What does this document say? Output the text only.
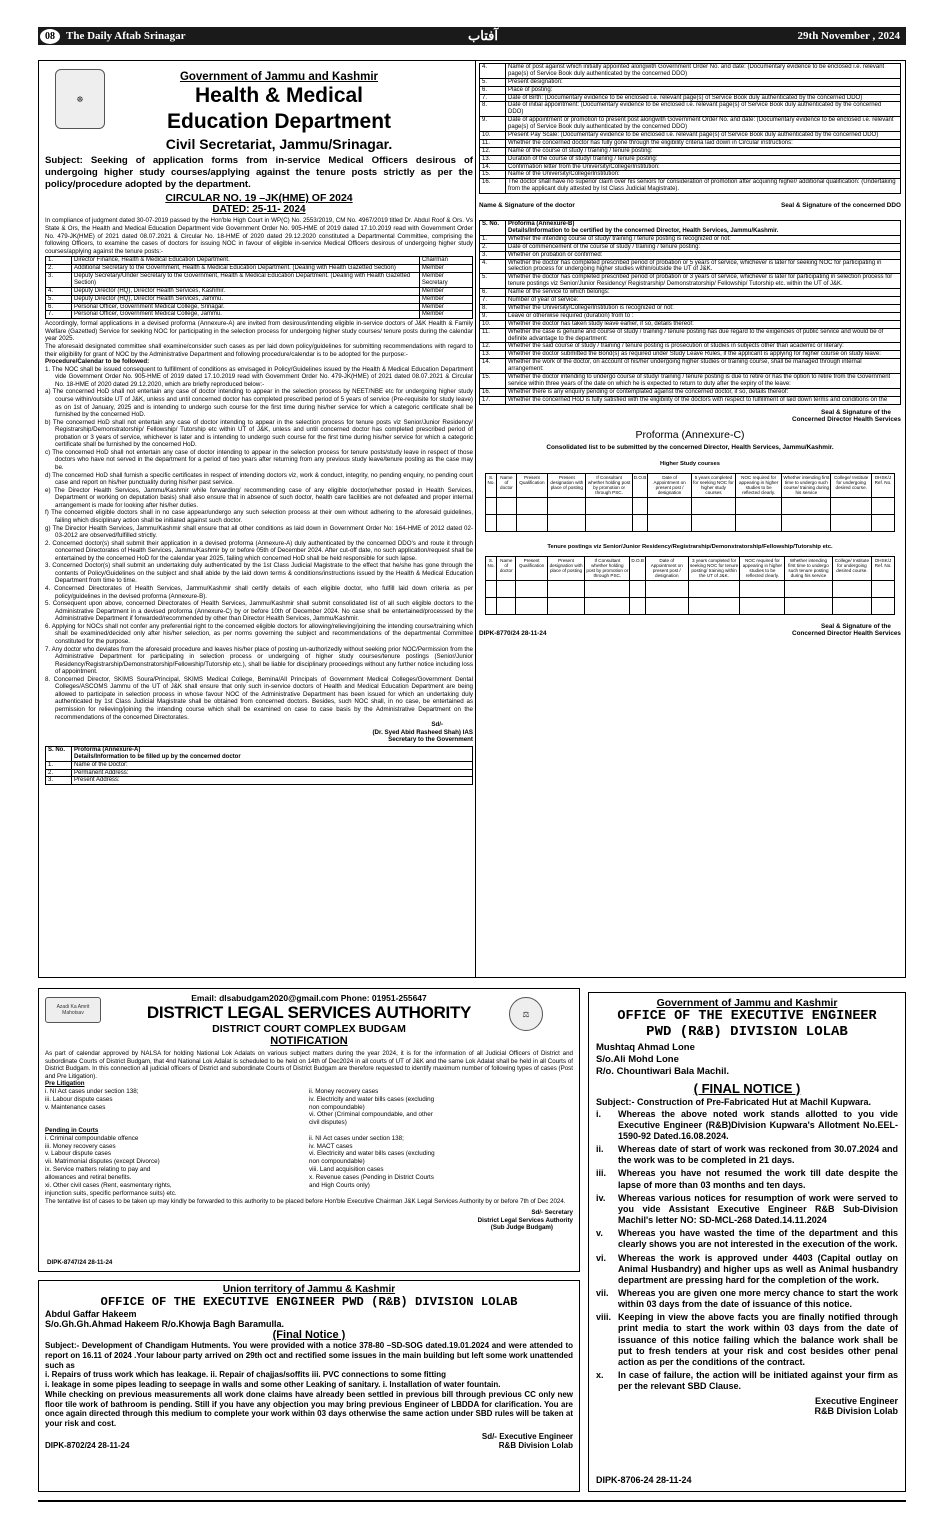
08	The Daily Aftab Srinagar	آفتاب	29th November , 2024
☸
Government of Jammu and Kashmir
Health & Medical
Education Department
Civil Secretariat, Jammu/Srinagar.
Subject: Seeking of application forms from in-service Medical Officers desirous of undergoing higher study courses/applying against the tenure posts strictly as per the policy/procedure adopted by the department.
CIRCULAR NO. 19 –JK(HME) OF 2024
DATED: 25-11- 2024
In compliance of judgment dated 30-07-2019 passed by the Hon'ble High Court in WP(C) No. 2553/2019, CM No. 4967/2019 titled Dr. Abdul Roof & Ors. Vs State & Ors, the Health and Medical Education Department vide Government Order No. 905-HME of 2019 dated 17.10.2019 read with Government Order No. 479-JK(HME) of 2021 dated 08.07.2021 & Circular No. 18-HME of 2020 dated 29.12.2020 constituted a Departmental Committee, comprising the following Officers, to examine the cases of doctors for issuing NOC in favour of eligible in-service Medical Officers desirous of undergoing higher study courses/applying against the tenure posts:-
1.	Director Finance, Health & Medical Education Department.	Chairman
2.	Additional Secretary to the Government, Health & Medical Education Department. (Dealing with Health Gazetted Section)	Member
3.	Deputy Secretary/Under Secretary to the Government, Health & Medical Education Department. (Dealing with Health Gazetted Section)	Member Secretary
4.	Deputy Director (HQ), Director Health Services, Kashmir.	Member
5.	Deputy Director (HQ), Director Health Services, Jammu.	Member
6.	Personal Officer, Government Medical College, Srinagar.	Member
7.	Personal Officer, Government Medical College, Jammu.	Member
Accordingly, formal applications in a devised proforma (Annexure-A) are invited from desirous/intending eligible in-service doctors of J&K Health & Family Welfare (Gazetted) Service for seeking NOC for participating in the selection process for undergoing higher study courses/ tenure posts during the calendar year 2025.
The aforesaid designated committee shall examine/consider such cases as per laid down policy/guidelines for submitting recommendations with regard to their eligibility for grant of NOC by the Administrative Department and following procedure/calendar is to be adopted for the purpose:-
Procedure/Calendar to be followed:
1. The NOC shall be issued consequent to fulfillment of conditions as envisaged in Policy/Guidelines issued by the Health & Medical Education Department vide Government Order No. 905-HME of 2019 dated 17.10.2019 read with Government Order No. 479-JK(HME) of 2021 dated 08.07.2021 & Circular No. 18-HME of 2020 dated 29.12.2020, which are briefly reproduced below:-
a) The concerned HoD shall not entertain any case of doctor intending to appear in the selection process by NEET/NBE etc for undergoing higher study course within/outside UT of J&K, unless and until concerned doctor has completed prescribed period of 5 years of service (Pre-requisite for study leave) as on 1st of January, 2025 and is intending to undergo such course for the first time during his/her service for which a categoric certificate shall be furnished by the concerned HoD.
b) The concerned HoD shall not entertain any case of doctor intending to appear in the selection process for tenure posts viz Senior/Junior Residency/ Registrarship/Demonstratorship/ Fellowship/ Tutorship etc within UT of J&K, unless and until concerned doctor has completed prescribed period of probation or 3 years of service, whichever is later and is intending to undergo such course for the first time during his/her service for which a categoric certificate shall be furnished by the concerned HoD.
c) The concerned HoD shall not entertain any case of doctor intending to appear in the selection process for tenure posts/study leave in respect of those doctors who have not served in the department for a period of two years after returning from any previous study leave/tenure posting as the case may be.
d) The concerned HoD shall furnish a specific certificates in respect of intending doctors viz, work & conduct, integrity, no pending enquiry, no pending court case and report on his/her punctuality during his/her past service.
e) The Director Health Services, Jammu/Kashmir while forwarding/ recommending case of any eligible doctor(whether posted in Health Services, Department or working on deputation basis) shall also ensure that in absence of such doctor, health care facilities are not defeated and proper internal arrangement is made for looking after his/her duties.
f) The concerned eligible doctors shall in no case appear/undergo any such selection process at their own without adhering to the aforesaid guidelines, failing which disciplinary action shall be initiated against such doctor.
g) The Director Health Services, Jammu/Kashmir shall ensure that all other conditions as laid down in Government Order No: 164-HME of 2012 dated 02-03-2012 are observed/fulfilled strictly.
2. Concerned doctor(s) shall submit their application in a devised proforma (Annexure-A) duly authenticated by the concerned DDO's and route it through concerned Directorates of Health Services, Jammu/Kashmir by or before 05th of December 2024. After cut-off date, no such application/request shall be entertained by the concerned HoD for the calendar year 2025, failing which concerned HoD shall be held responsible for such lapse.
3. Concerned Doctor(s) shall submit an undertaking duly authenticated by the 1st Class Judicial Magistrate to the effect that he/she has gone through the contents of Policy/Guidelines on the subject and shall abide by the laid down terms & conditions/instructions issued by the Health & Medical Education Department from time to time.
4. Concerned Directorates of Health Services, Jammu/Kashmir shall certify details of each eligible doctor, who fulfill laid down criteria as per policy/guidelines in the devised proforma (Annexure-B).
5. Consequent upon above, concerned Directorates of Health Services, Jammu/Kashmir shall submit consolidated list of all such eligible doctors to the Administrative Department in a devised proforma (Annexure-C) by or before 10th of December 2024. No case shall be entertained/processed by the Administrative Department if forwarded/recommended by other than Director Health Services, Jammu/Kashmir.
6. Applying for NOCs shall not confer any preferential right to the concerned eligible doctors for allowing/relieving/joining the intending course/training which shall be examined/decided only after his/her selection, as per norms governing the subject and recommendations of the departmental Committee constituted for the purpose.
7. Any doctor who deviates from the aforesaid procedure and leaves his/her place of posting un-authorizedly without seeking prior NOC/Permission from the Administrative Department for participating in selection process or undergoing of higher study courses/tenure postings (Senior/Junior Residency/Registrarship/Demonstratorship/Fellowship/Tutorship etc.), shall be liable for disciplinary proceedings without any further notice including loss of appointment.
8. Concerned Director, SKIMS Soura/Principal, SKIMS Medical College, Bemina/All Principals of Government Medical Colleges/Government Dental Colleges/ASCOMS Jammu of the UT of J&K shall ensure that only such in-service doctors of Health and Medical Education Department are being allowed to participate in selection process in whose favour NOC of the Administrative Department has been issued for which an undertaking duly authenticated by 1st Class Judicial Magistrate shall be obtained from concerned doctors. Besides, such NOC shall, in no case, be entertained as permission for relieving/joining the intending course which shall be examined on case to case basis by the Administrative Department on the recommendations of the concerned Directorates.
Sd/-
(Dr. Syed Abid Rasheed Shah) IAS
Secretary to the Government
S. No.	Proforma (Annexure-A)
Details/Information to be filled up by the concerned doctor
1.	Name of the Doctor:
2.	Permanent Address:
3.	Present Address:
4.	Name of post against which initially appointed alongwith Government Order No. and date: (Documentary evidence to be enclosed i.e. relevant page(s) of Service Book duly authenticated by the concerned DDO)
5.	Present designation:
6.	Place of posting:
7.	Date of Birth: (Documentary evidence to be enclosed i.e. relevant page(s) of Service Book duly authenticated by the concerned DDO)
8.	Date of initial appointment: (Documentary evidence to be enclosed i.e. relevant page(s) of Service Book duly authenticated by the concerned DDO)
9.	Date of appointment or promotion to present post alongwith Government Order No. and date: (Documentary evidence to be enclosed i.e. relevant page(s) of Service Book duly authenticated by the concerned DDO)
10.	Present Pay Scale: (Documentary evidence to be enclosed i.e. relevant page(s) of Service Book duly authenticated by the concerned DDO)
11.	Whether the concerned doctor has fully gone through the eligibility criteria laid down in Circular instructions:
12.	Name of the course of study / training / tenure posting:
13.	Duration of the course of study/ training / tenure posting:
14.	Confirmation letter from the University/College/Institution:
15.	Name of the University/College/Institution:
16.	The doctor shall have no superior claim over his seniors for consideration of promotion after acquiring higher/ additional qualification: (Undertaking from the applicant duly attested by Ist Class Judicial Magistrate).
Name & Signature of the doctor	Seal & Signature of the concerned DDO
S. No.	Proforma (Annexure-B)
Details/Information to be certified by the concerned Director, Health Services, Jammu/Kashmir.
1.	Whether the intending course of study/ training / tenure posting is recognized or not:
2.	Date of commencement of the course of study / training / tenure posting:
3.	Whether on probation or confirmed:
4.	Whether the doctor has completed prescribed period of probation or 5 years of service, whichever is later for seeking NOC for participating in selection process for undergoing higher studies within/outside the UT of J&K.
5.	Whether the doctor has completed prescribed period of probation or 3 years of service, whichever is later for participating in selection process for tenure postings viz Senior/Junior Residency/ Registrarship/ Demonstratorship/ Fellowship/ Tutorship etc. within the UT of J&K.
6.	Name of the service to which belongs:
7.	Number of year of service:
8.	Whether the University/College/Institution is recognized or not:
9.	Leave or otherwise required (duration) from to :
10.	Whether the doctor has taken study leave earlier, if so, details thereof:
11.	Whether the case is genuine and course of study / training / tenure posting has due regard to the exigencies of public service and would be of definite advantage to the department:
12.	Whether the said course of study / training / tenure posting is prosecution of studies in subjects other than academic or literary:
13.	Whether the doctor submitted the Bond(s) as required under Study Leave Rules, if the applicant is applying for higher course on study leave:
14.	Whether the work of the doctor, on account of his/her undergoing higher studies or training course, shall be managed through internal arrangement:
15.	Whether the doctor intending to undergo course of study/ training / tenure posting is due to retire or has the option to retire from the Government service within three years of the date on which he is expected to return to duty after the expiry of the leave:
16.	Whether there is any enquiry pending or contemplated against the concerned doctor, if so, details thereof:
17.	Whether the concerned HoD is fully satisfied with the eligibility of the doctors with respect to fulfillment of laid down terms and conditions on the
Seal & Signature of the
Concerned Director Health Services
Proforma (Annexure-C)
Consolidated list to be submitted by the concerned Director, Health Services, Jammu/Kashmir.
Higher Study courses
S. No.	Name of doctor	Present Qualification	Present designation with place of posting	If Consultant whether holding post by promotion or through PSC.	D.O.B	Date of Appointment on present post / designation	5 years completed for seeking NOC for higher study courses	NOC required for appearing in higher studies to be reflected clearly.	Whether intending first time to undergo such course/ training during his service	College/ Institute for undergoing desired course.	DHSK/J Ref. No.

Tenure postings viz Senior/Junior Residency/Registrarship/Demonstratorship/Fellowship/Tutorship etc.
S. No.	Name of doctor	Present Qualification	Present designation with place of posting	If Consultant whether holding post by promotion or through PSC.	D.O.B	Date of Appointment on present post / designation	3 years completed for seeking NOC for tenure posting/ training within the UT of J&K.	NOC required for appearing in higher studies to be reflected clearly.	Whether intending first time to undergo such tenure posting during his service	College/ Institute for undergoing desired course.	DHSK/J Ref. No.

Seal & Signature of the
DIPK-8770/24 28-11-24	Concerned Director Health Services
Azadi Ka Amrit Mahotsav	⚖
Email: dlsabudgam2020@gmail.com Phone: 01951-255647
DISTRICT LEGAL SERVICES AUTHORITY
DISTRICT COURT COMPLEX BUDGAM
NOTIFICATION
As part of calendar approved by NALSA for holding National Lok Adalats on various subject matters during the year 2024, it is for the information of all Judicial Officers of District and subordinate Courts of District Budgam, that 4nd National Lok Adalat is scheduled to be held on 14th of Dec2024 in all courts of UT of J&K and the same Lok Adalat shall be held in all Courts of District Budgam. In this connection all judicial officers of District and subordinate Courts of District Budgam are therefore requested to identify maximum number of following types of cases (Post and Pre Litigation).
Pre Litigation
i. NI Act cases under section 138;
iii. Labour dispute cases
v. Maintenance cases
ii. Money recovery cases
iv. Electricity and water bills cases (excluding non compoundable)
vi. Other (Criminal compoundable, and other civil disputes)
Pending in Courts
i. Criminal compoundable offence
iii. Money recovery cases
v. Labour dispute cases
vii. Matrimonial disputes (except Divorce)
ix. Service matters relating to pay and allowances and retiral benefits.
xi. Other civil cases (Rent, easmentary rights, injunction suits, specific performance suits) etc.
ii. NI Act cases under section 138;
iv. MACT cases
vi. Electricity and water bills cases (excluding non compoundable)
viii. Land acquisition cases
x. Revenue cases (Pending in District Courts and High Courts only)
The tentative list of cases to be taken up may kindly be forwarded to this authority to be placed before Hon'ble Executive Chairman J&K Legal Services Authority by or before 7th of Dec 2024.
Sd/- Secretary
District Legal Services Authority
(Sub Judge Budgam)
DIPK-8747/24 28-11-24
Union territory of Jammu & Kashmir
OFFICE OF THE EXECUTIVE ENGINEER PWD (R&B) DIVISION LOLAB
Abdul Gaffar Hakeem
S/o.Gh.Gh.Ahmad Hakeem R/o.Khowja Bagh Baramulla.
(Final Notice )
Subject:- Development of Chandigam Hutments. You were provided with a notice 378-80 –SD-SOG dated.19.01.2024 and were attended to report on 16.11 of 2024 .Your labour party arrived on 29th oct and rectified some issues in the main building but left some work unattended such as
i. Repairs of truss work which has leakage. ii. Repair of chajjas/soffits iii. PVC connections to some fitting
i. leakage in some pipes leading to seepage in walls and some other Leaking of sanitary. i. Installation of water fountain.
While checking on previous measurements all work done claims have already been settled in previous bill through previous CC only new floor tile work of bathroom is pending. Still if you have any objection you may bring previous Engineer of LBDDA for clarification. You are once again directed through this medium to complete your work within 03 days otherwise the same action under SBD rules will be taken at your risk and cost.
Sd/- Executive Engineer
DIPK-8702/24 28-11-24	R&B Division Lolab
Government of Jammu and Kashmir
OFFICE OF THE EXECUTIVE ENGINEER
PWD (R&B) DIVISION LOLAB
Mushtaq Ahmad Lone
S/o.Ali Mohd Lone
R/o. Chountiwari Bala Machil.
( FINAL NOTICE )
Subject:- Construction of Pre-Fabricated Hut at Machil Kupwara.
i.	Whereas the above noted work stands allotted to you vide Executive Engineer (R&B)Division Kupwara's Allotment No.EEL-1590-92 Dated.16.08.2024.
ii.	Whereas date of start of work was reckoned from 30.07.2024 and the work was to be completed in 21 days.
iii.	Whereas you have not resumed the work till date despite the lapse of more than 03 months and ten days.
iv.	Whereas various notices for resumption of work were served to you vide Assistant Executive Engineer R&B Sub-Division Machil's letter NO: SD-MCL-268 Dated.14.11.2024
v.	Whereas you have wasted the time of the department and this clearly shows you are not interested in the execution of the work.
vi.	Whereas the work is approved under 4403 (Capital outlay on Animal Husbandry) and higher ups as well as Animal husbandry department are pressing hard for the completion of the work.
vii.	Whereas you are given one more mercy chance to start the work within 03 days from the date of issuance of this notice.
viii. Keeping in view the above facts you are finally notified through print media to start the work within 03 days from the date of issuance of this notice failing which the balance work shall be put to fresh tenders at your risk and cost besides other penal action as per the conditions of the contract.
x.	In case of failure, the action will be initiated against your firm as per the relevant SBD Clause.
Executive Engineer
R&B Division Lolab
DIPK-8706-24 28-11-24
